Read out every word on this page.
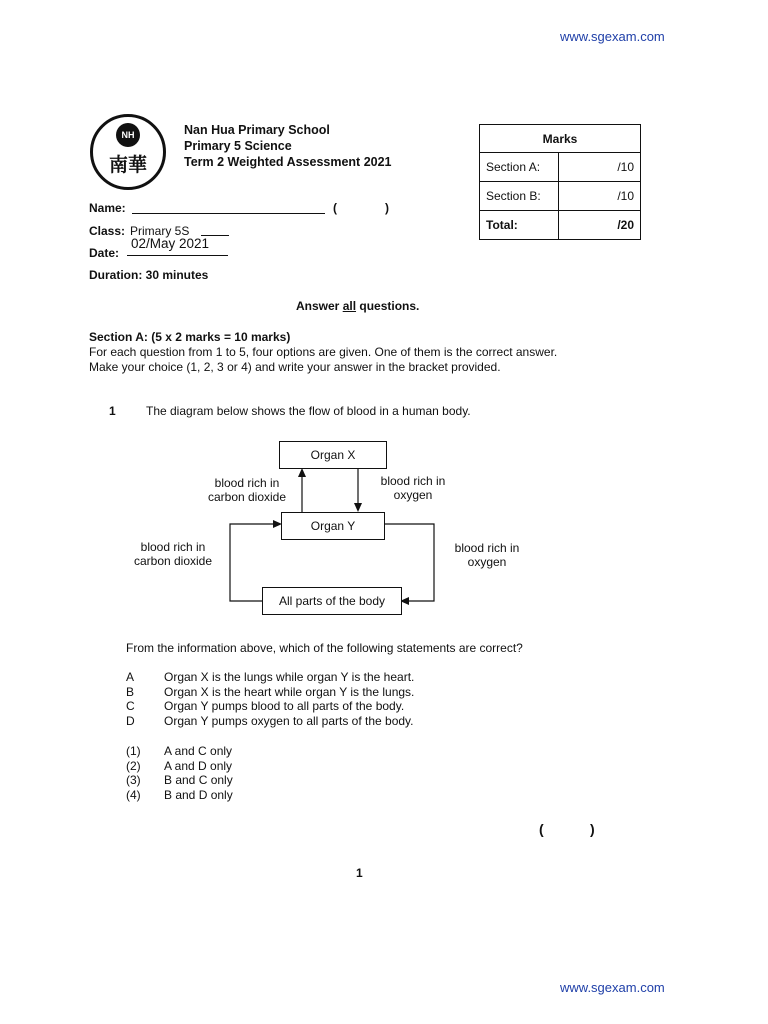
www.sgexam.com
NH
南華
Nan Hua Primary School
Primary 5 Science
Term 2 Weighted Assessment 2021
Marks	
Section A:	/10
Section B:	/10
Total:	/20
Name:	(	)
Class: Primary 5S
Date:
02/May 2021
Duration: 30 minutes
Answer all questions.
Section A: (5 x 2 marks = 10 marks)
For each question from 1 to 5, four options are given. One of them is the correct answer.
Make your choice (1, 2, 3 or 4) and write your answer in the bracket provided.
1	The diagram below shows the flow of blood in a human body.
Organ X
Organ Y
All parts of the body
blood rich in
carbon dioxide
blood rich in
oxygen
blood rich in
carbon dioxide
blood rich in
oxygen
From the information above, which of the following statements are correct?
A Organ X is the lungs while organ Y is the heart.
B Organ X is the heart while organ Y is the lungs.
C Organ Y pumps blood to all parts of the body.
D Organ Y pumps oxygen to all parts of the body.
(1) A and C only
(2) A and D only
(3) B and C only
(4) B and D only
(	)
1
www.sgexam.com
